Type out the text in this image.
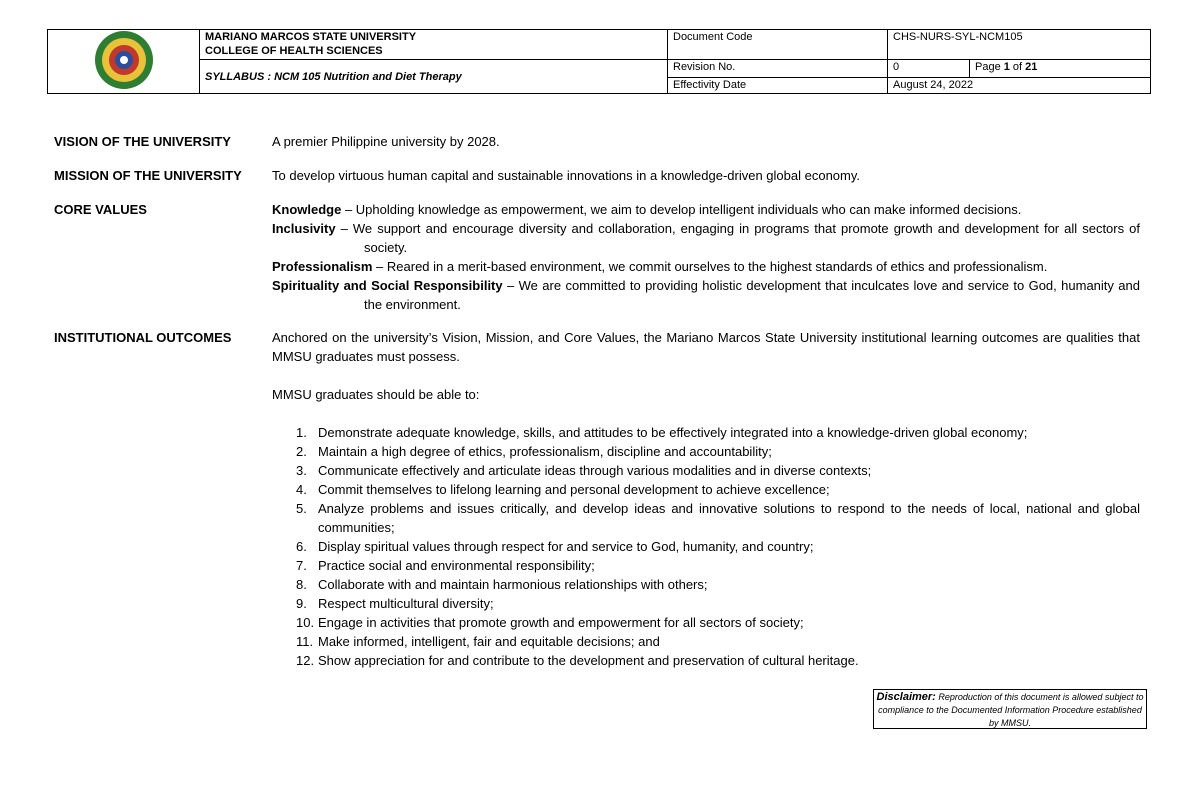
MARIANO MARCOS STATE UNIVERSITY
COLLEGE OF HEALTH SCIENCES	Document Code	CHS-NURS-SYL-NCM105	

	SYLLABUS : NCM 105 Nutrition and Diet Therapy	Revision No.	0	Page 1 of 21

		Effectivity Date	August 24, 2022	
VISION OF THE UNIVERSITY	A premier Philippine university by 2028.
MISSION OF THE UNIVERSITY	To develop virtuous human capital and sustainable innovations in a knowledge-driven global economy.
CORE VALUES	Knowledge – Upholding knowledge as empowerment, we aim to develop intelligent individuals who can make informed decisions.

Inclusivity – We support and encourage diversity and collaboration, engaging in programs that promote growth and development for all sectors of society.

Professionalism – Reared in a merit-based environment, we commit ourselves to the highest standards of ethics and professionalism.

Spirituality and Social Responsibility – We are committed to providing holistic development that inculcates love and service to God, humanity and the environment.

INSTITUTIONAL OUTCOMES	Anchored on the university’s Vision, Mission, and Core Values, the Mariano Marcos State University institutional learning outcomes are qualities that MMSU graduates must possess.

MMSU graduates should be able to:

1. Demonstrate adequate knowledge, skills, and attitudes to be effectively integrated into a knowledge-driven global economy;
2. Maintain a high degree of ethics, professionalism, discipline and accountability;
3. Communicate effectively and articulate ideas through various modalities and in diverse contexts;
4. Commit themselves to lifelong learning and personal development to achieve excellence;
5. Analyze problems and issues critically, and develop ideas and innovative solutions to respond to the needs of local, national and global communities;
6. Display spiritual values through respect for and service to God, humanity, and country;
7. Practice social and environmental responsibility;
8. Collaborate with and maintain harmonious relationships with others;
9. Respect multicultural diversity;
10. Engage in activities that promote growth and empowerment for all sectors of society;
11. Make informed, intelligent, fair and equitable decisions; and
12. Show appreciation for and contribute to the development and preservation of cultural heritage.
Disclaimer: Reproduction of this document is allowed subject to compliance to the Documented Information Procedure established by MMSU.
